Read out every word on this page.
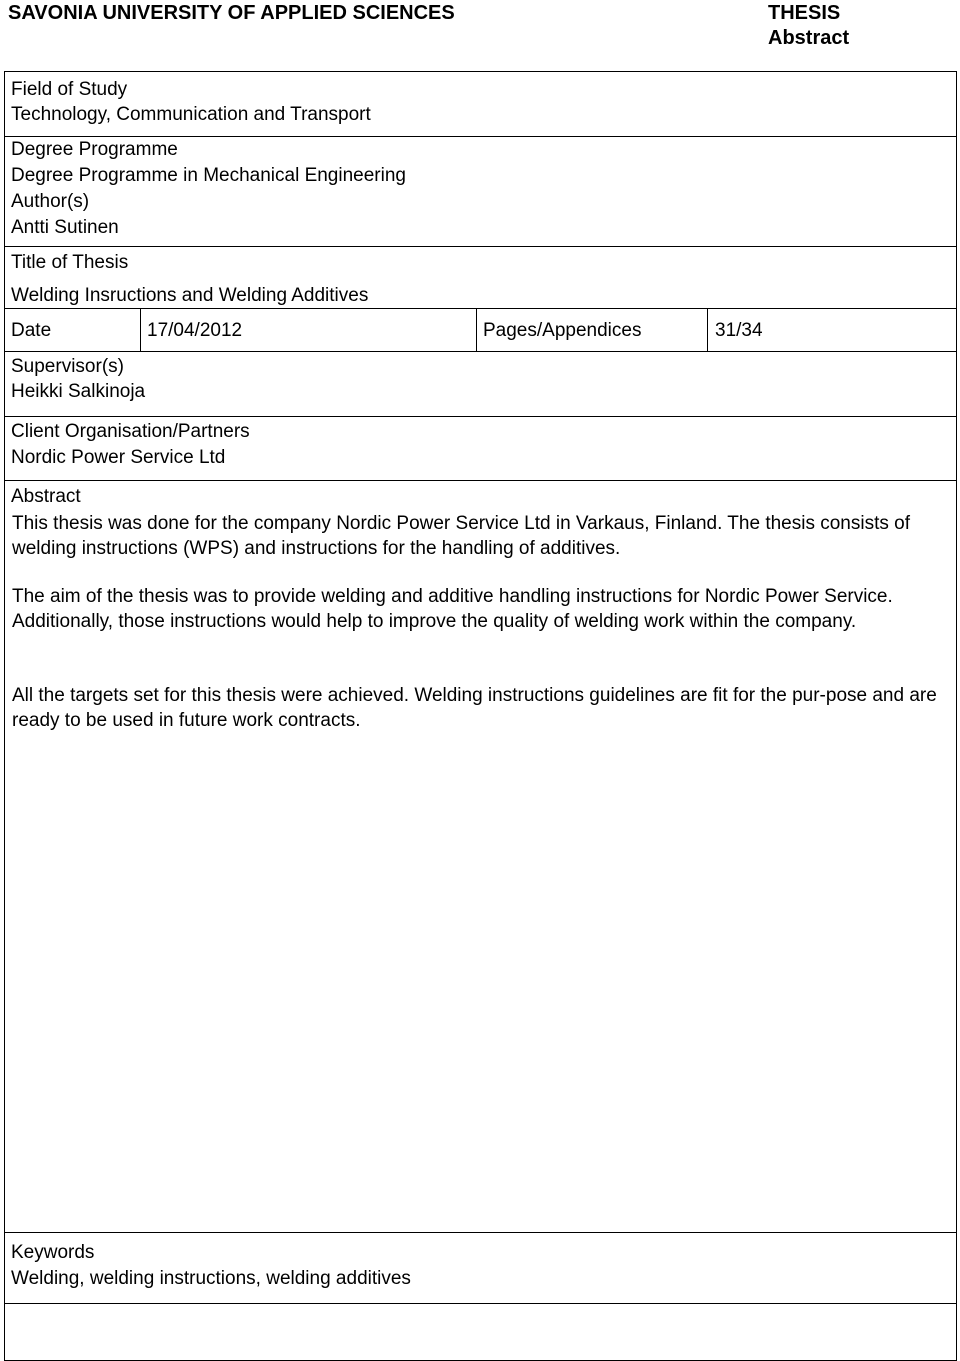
SAVONIA UNIVERSITY OF APPLIED SCIENCES	THESIS
Abstract
Field of Study
Technology, Communication and Transport
Degree Programme
Degree Programme in Mechanical Engineering
Author(s)
Antti Sutinen
Title of Thesis
Welding Insructions and Welding Additives
Date	17/04/2012	Pages/Appendices	31/34
Supervisor(s)
Heikki Salkinoja
Client Organisation/Partners
Nordic Power Service Ltd
Abstract
This thesis was done for the company Nordic Power Service Ltd in Varkaus, Finland. The thesis consists of welding instructions (WPS) and instructions for the handling of additives.
The aim of the thesis was to provide welding and additive handling instructions for Nordic Power Service. Additionally, those instructions would help to improve the quality of welding work within the company.
All the targets set for this thesis were achieved. Welding instructions guidelines are fit for the pur-pose and are ready to be used in future work contracts.
Keywords
Welding, welding instructions, welding additives
